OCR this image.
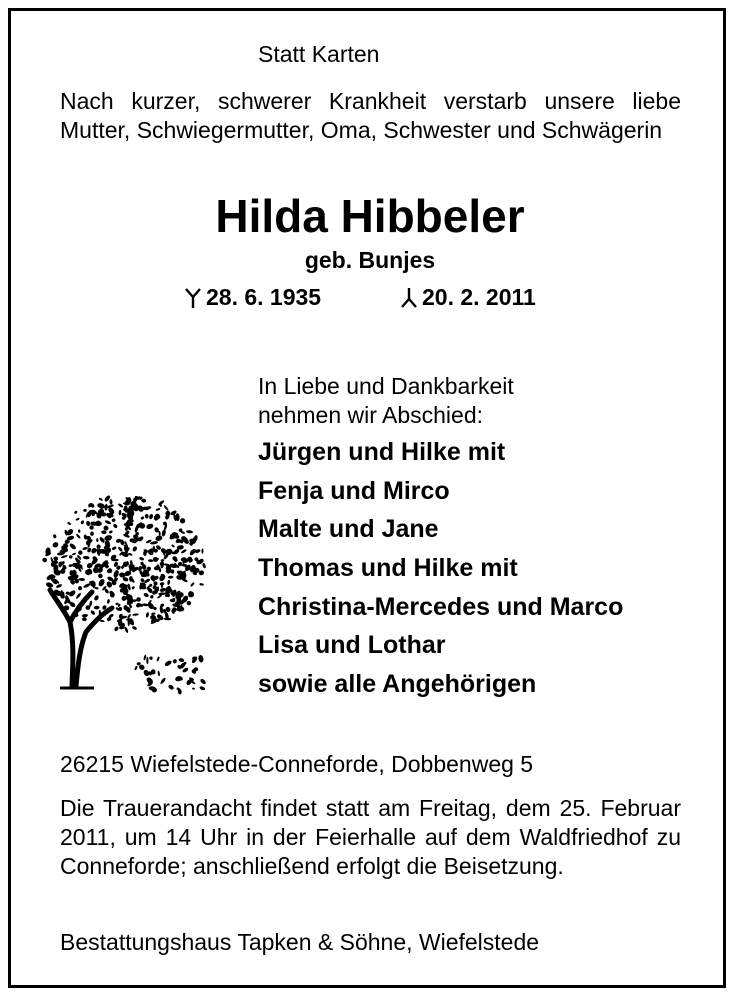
Statt Karten
Nach kurzer, schwerer Krankheit verstarb unsere liebe Mutter, Schwiegermutter, Oma, Schwester und Schwägerin
Hilda Hibbeler
geb. Bunjes
28. 6. 1935	20. 2. 2011
In Liebe und Dankbarkeit
nehmen wir Abschied:
Jürgen und Hilke mit
Fenja und Mirco
Malte und Jane
Thomas und Hilke mit
Christina-Mercedes und Marco
Lisa und Lothar
sowie alle Angehörigen
26215 Wiefelstede-Conneforde, Dobbenweg 5
Die Trauerandacht findet statt am Freitag, dem 25. Februar 2011, um 14 Uhr in der Feierhalle auf dem Waldfriedhof zu Conneforde; anschließend erfolgt die Beisetzung.
Bestattungshaus Tapken & Söhne, Wiefelstede
